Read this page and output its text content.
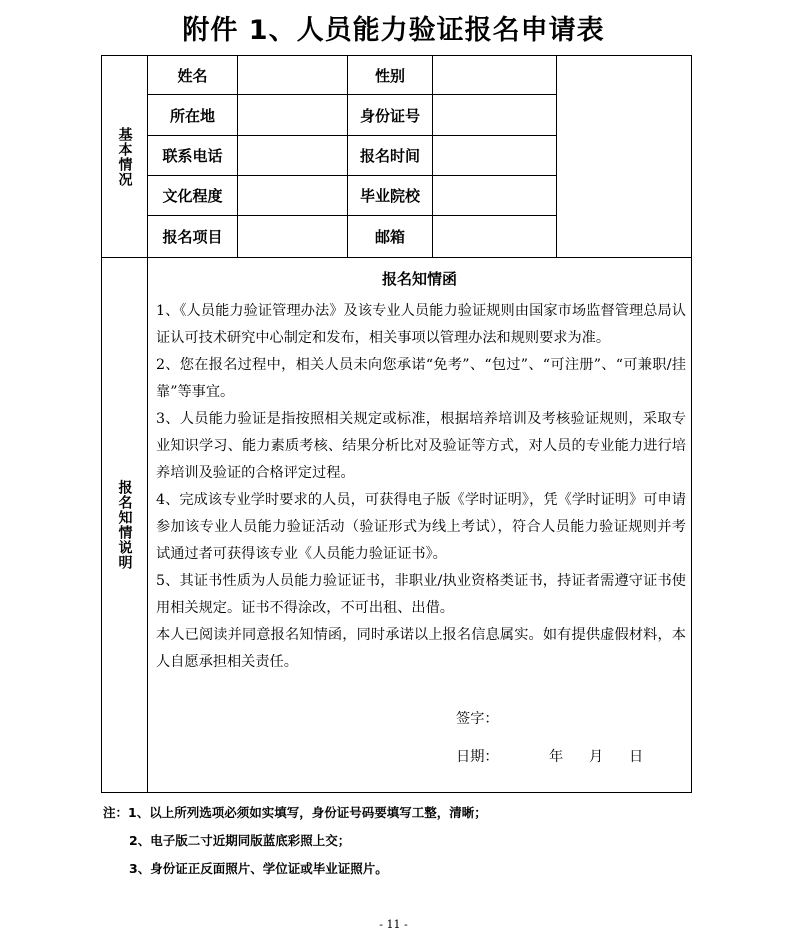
附件 1、人员能力验证报名申请表
基本情况
姓名	性别
所在地	身份证号
联系电话	报名时间
文化程度	毕业院校
报名项目	邮箱
报名知情说明
报名知情函

1、《人员能力验证管理办法》及该专业人员能力验证规则由国家市场监督管理总局认证认可技术研究中心制定和发布，相关事项以管理办法和规则要求为准。

2、您在报名过程中，相关人员未向您承诺“免考”、“包过”、“可注册”、“可兼职/挂靠”等事宜。

3、人员能力验证是指按照相关规定或标准，根据培养培训及考核验证规则，采取专业知识学习、能力素质考核、结果分析比对及验证等方式，对人员的专业能力进行培养培训及验证的合格评定过程。

4、完成该专业学时要求的人员，可获得电子版《学时证明》，凭《学时证明》可申请参加该专业人员能力验证活动（验证形式为线上考试），符合人员能力验证规则并考试通过者可获得该专业《人员能力验证证书》。

5、其证书性质为人员能力验证证书，非职业/执业资格类证书，持证者需遵守证书使用相关规定。证书不得涂改，不可出租、出借。

本人已阅读并同意报名知情函，同时承诺以上报名信息属实。如有提供虚假材料，本人自愿承担相关责任。

签字：
日期：	年 月 日
注：1、以上所列选项必须如实填写，身份证号码要填写工整，清晰；
2、电子版二寸近期同版蓝底彩照上交；
3、身份证正反面照片、学位证或毕业证照片。
- 11 -
